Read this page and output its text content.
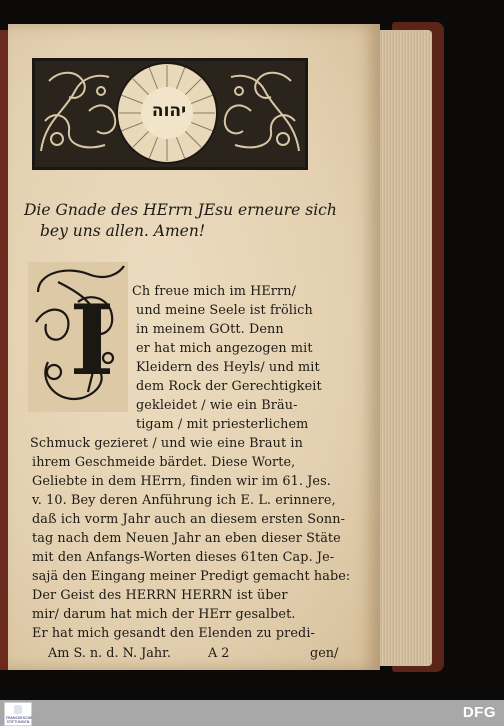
יהוה
Die Gnade des HErrn JEsu erneure sich
bey uns allen. Amen!
I Ch freue mich im HErrn/
und meine Seele ist frölich
in meinem GOtt. Denn
er hat mich angezogen mit
Kleidern des Heyls/ und mit
dem Rock der Gerechtigkeit
gekleidet / wie ein Bräu-
tigam / mit priesterlichem
Schmuck gezieret / und wie eine Braut in
ihrem Geschmeide bärdet. Diese Worte,
Geliebte in dem HErrn, finden wir im 61. Jes.
v. 10. Bey deren Anführung ich E. L. erinnere,
daß ich vorm Jahr auch an diesem ersten Sonn-
tag nach dem Neuen Jahr an eben dieser Stäte
mit den Anfangs-Worten dieses 61ten Cap. Je-
sajä den Eingang meiner Predigt gemacht habe:
Der Geist des HERRN HERRN ist über
mir/ darum hat mich der HErr gesalbet.
Er hat mich gesandt den Elenden zu predi-
Am S. n. d. N. Jahr.	A 2	gen/
FRANCKESCHE STIFTUNGEN
DFG
